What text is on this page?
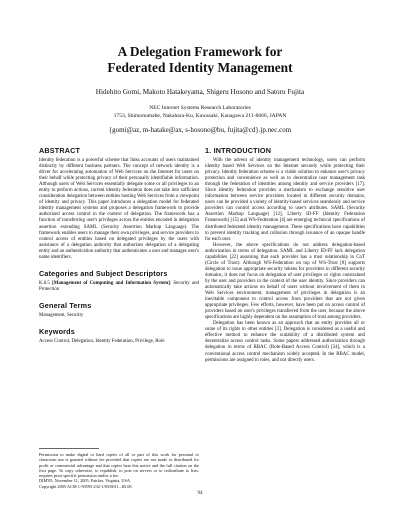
A Delegation Framework for
Federated Identity Management
Hidehito Gomi, Makoto Hatakeyama, Shigeru Hosono and Satoru Fujita
NEC Internet Systems Research Laboratories
1753, Shimonumabe, Nakahara-Ku, Kawasaki, Kanagawa 211-8666, JAPAN
{gomi@az, m-hatake@ax, s-hosono@bu, fujita@cd}.jp.nec.com
ABSTRACT

Identity federation is a powerful scheme that links accounts of users maintained distinctly by different business partners. The concept of network identity is a driver for accelerating automation of Web Services on the Internet for users on their behalf while protecting privacy of their personally identifiable information. Although users of Web Services essentially delegate some or all privileges to an entity to perform actions, current identity federation does not take into sufficient consideration delegation between entities hosting Web Services from a viewpoint of identity and privacy. This paper introduces a delegation model for federated identity management systems and proposes a delegation framework to provide authorized access control in the context of delegation. The framework has a function of transferring user's privileges across the entities encoded in delegation assertion extending SAML (Security Assertion Markup Language). The framework enables users to manage their own privileges, and service providers to control access of entities based on delegated privileges by the users with assistance of a delegation authority that authorizes delegation of a delegating entity and an authentication authority that authenticates a user and manages user's name identifiers.

Categories and Subject Descriptors

K.6.5 [Management of Computing and Information System]: Security and Protection

General Terms

Management, Security

Keywords

Access Control, Delegation, Identity Federation, Privilege, Role

Permission to make digital or hard copies of all or part of this work for personal or classroom use is granted without fee provided that copies are not made or distributed for profit or commercial advantage and that copies bear this notice and the full citation on the first page. To copy otherwise, to republish, to post on servers or to redistribute to lists, requires prior specific permission and/or a fee.

DIM'05, November 11, 2005, Fairfax, Virginia, USA.

Copyright 2005 ACM 1-59593-232-1/05/0011...$5.00.

1. INTRODUCTION

With the advent of identity management technology, users can perform identity based Web Services on the Internet securely while protecting their privacy. Identity federation scheme is a viable solution to enhance user's privacy protection and convenience as well as to decentralize user management task through the federation of identities among identity and service providers [17]. Since identity federation provides a mechanism to exchange sensitive user information between service providers located in different security domains, users can be provided a variety of identity-based services seamlessly and service providers can control access according to user's attributes. SAML (Security Assertion Markup Language) [12], Liberty ID-FF (Identity Federation Framework) [15] and WS-Federation [4] are emerging technical specifications of distributed federated identity management. These specifications have capabilities to prevent identity tracking and collusion through issuance of an opaque handle for each user.

However, the above specifications do not address delegation-based authorization in terms of delegation. SAML and Liberty ID-FF lack delegation capabilities [22] assuming that each provider has a trust relationship in CoT (Circle of Trust). Although WS-Federation on top of WS-Trust [8] supports delegation to issue appropriate security tokens for providers in different security domains, it does not focus on delegation of user privileges or rights constrained by the user and providers in the context of the user identity. Since providers can automatically take actions on behalf of users without involvement of them in Web Services environment, management of privileges in delegation is an inevitable component to control access from providers that are not given appropriate privileges. Few efforts, however, have been put on access control of providers based on user's privileges transferred from the user, because the above specifications are highly dependent on the assumption of trust among providers.

Delegation has been known as an approach that an entity provides all or some of its rights to other entities [3]. Delegation is considered as a useful and effective method to enhance the scalability of a distributed system and decentralize access control tasks. Some papers addressed authorization through delegation in terms of RBAC (Role-Based Access Control) [24], which is a conventional access control mechanism widely accepted. In the RBAC model, permissions are assigned to roles, and not directly users.

94
